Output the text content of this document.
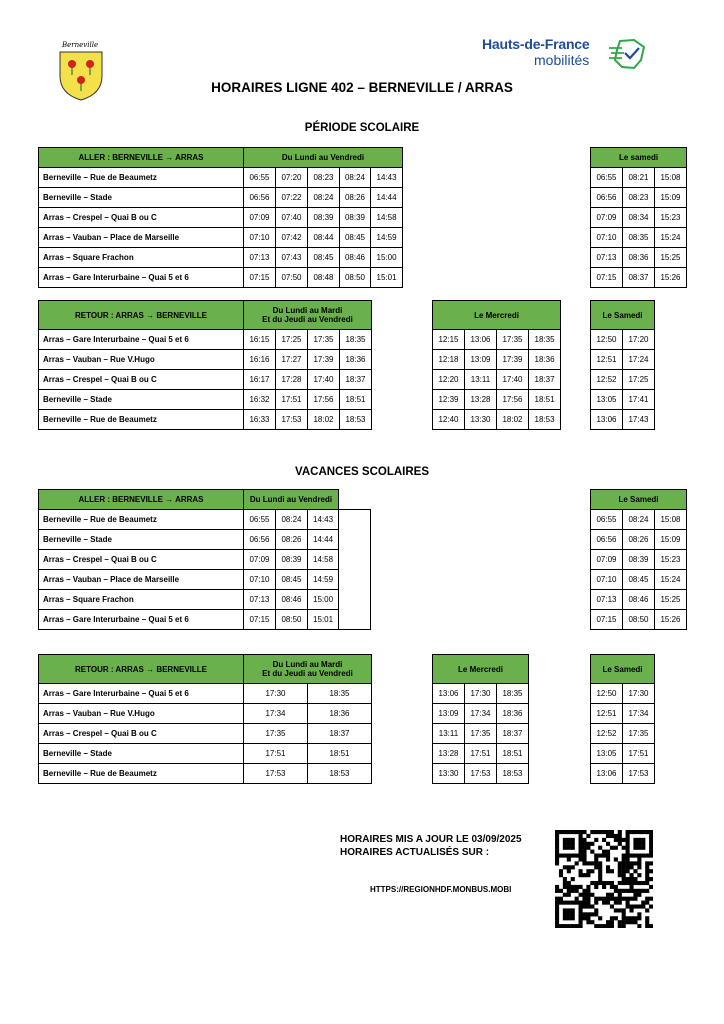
Berneville	Hauts-de-France
mobilités
HORAIRES LIGNE 402 – BERNEVILLE / ARRAS
PÉRIODE SCOLAIRE
ALLER : BERNEVILLE → ARRAS	Du Lundi au Vendredi				
Berneville – Rue de Beaumetz	06:55	07:20	08:23	08:24	14:43
Berneville – Stade	06:56	07:22	08:24	08:26	14:44
Arras – Crespel – Quai B ou C	07:09	07:40	08:39	08:39	14:58
Arras – Vauban – Place de Marseille	07:10	07:42	08:44	08:45	14:59
Arras – Square Frachon	07:13	07:43	08:45	08:46	15:00
Arras – Gare Interurbaine – Quai 5 et 6	07:15	07:50	08:48	08:50	15:01
Le samedi		
06:55	08:21	15:08
06:56	08:23	15:09
07:09	08:34	15:23
07:10	08:35	15:24
07:13	08:36	15:25
07:15	08:37	15:26
RETOUR : ARRAS → BERNEVILLE	Du Lundi au Mardi
Et du Jeudi au Vendredi			
Arras – Gare Interurbaine – Quai 5 et 6	16:15	17:25	17:35	18:35
Arras – Vauban – Rue V.Hugo	16:16	17:27	17:39	18:36
Arras – Crespel – Quai B ou C	16:17	17:28	17:40	18:37
Berneville – Stade	16:32	17:51	17:56	18:51
Berneville – Rue de Beaumetz	16:33	17:53	18:02	18:53
Le Mercredi			
12:15	13:06	17:35	18:35
12:18	13:09	17:39	18:36
12:20	13:11	17:40	18:37
12:39	13:28	17:56	18:51
12:40	13:30	18:02	18:53
Le Samedi	
12:50	17:20
12:51	17:24
12:52	17:25
13:05	17:41
13:06	17:43
VACANCES SCOLAIRES
ALLER : BERNEVILLE → ARRAS	Du Lundi au Vendredi			
Berneville – Rue de Beaumetz	06:55	08:24	14:43	
Berneville – Stade	06:56	08:26	14:44	
Arras – Crespel – Quai B ou C	07:09	08:39	14:58	
Arras – Vauban – Place de Marseille	07:10	08:45	14:59	
Arras – Square Frachon	07:13	08:46	15:00	
Arras – Gare Interurbaine – Quai 5 et 6	07:15	08:50	15:01	
Le Samedi		
06:55	08:24	15:08
06:56	08:26	15:09
07:09	08:39	15:23
07:10	08:45	15:24
07:13	08:46	15:25
07:15	08:50	15:26
RETOUR : ARRAS → BERNEVILLE	Du Lundi au Mardi
Et du Jeudi au Vendredi	
Arras – Gare Interurbaine – Quai 5 et 6	17:30	18:35
Arras – Vauban – Rue V.Hugo	17:34	18:36
Arras – Crespel – Quai B ou C	17:35	18:37
Berneville – Stade	17:51	18:51
Berneville – Rue de Beaumetz	17:53	18:53
Le Mercredi		
13:06	17:30	18:35
13:09	17:34	18:36
13:11	17:35	18:37
13:28	17:51	18:51
13:30	17:53	18:53
Le Samedi	
12:50	17:30
12:51	17:34
12:52	17:35
13:05	17:51
13:06	17:53
HORAIRES MIS A JOUR LE 03/09/2025
HORAIRES ACTUALISÉS SUR :
HTTPS://REGIONHDF.MONBUS.MOBI
